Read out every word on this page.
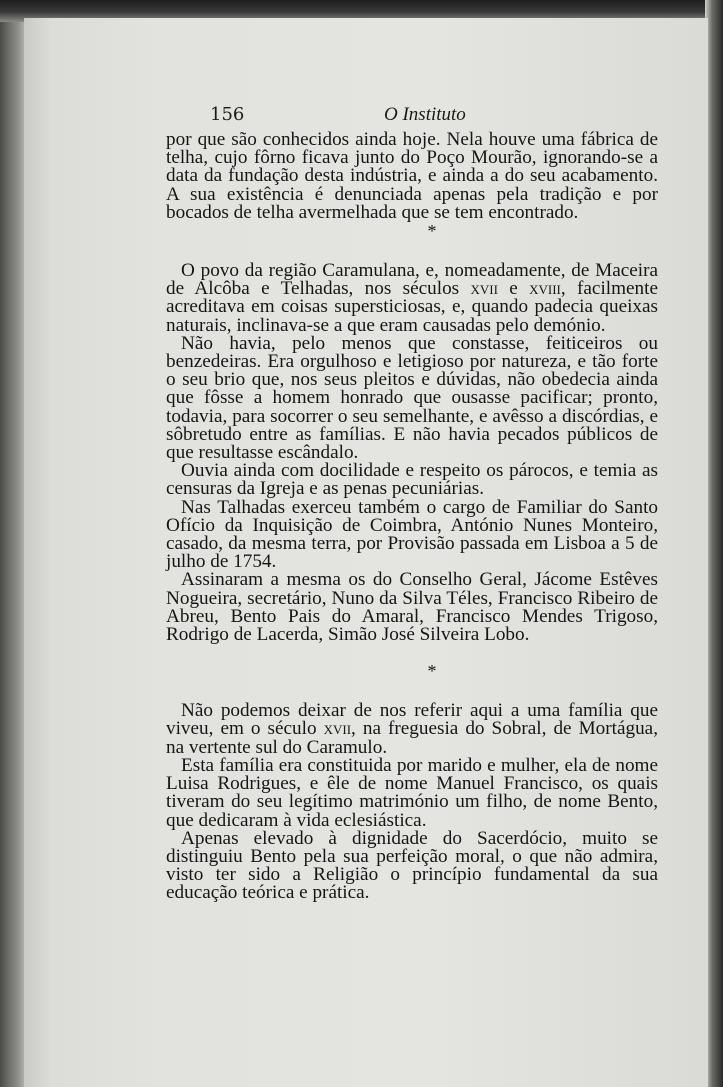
156	O Instituto

por que são conhecidos ainda hoje. Nela houve uma fábrica de telha, cujo fôrno ficava junto do Poço Mourão, ignorando-se a data da fundação desta indústria, e ainda a do seu acabamento. A sua existência é denunciada apenas pela tradição e por bocados de telha avermelhada que se tem encontrado.

*

O povo da região Caramulana, e, nomeadamente, de Maceira de Alcôba e Telhadas, nos séculos xvii e xviii, facilmente acreditava em coisas supersticiosas, e, quando padecia queixas naturais, inclinava-se a que eram causadas pelo demónio.

Não havia, pelo menos que constasse, feiticeiros ou benzedeiras. Era orgulhoso e letigioso por natureza, e tão forte o seu brio que, nos seus pleitos e dúvidas, não obedecia ainda que fôsse a homem honrado que ousasse pacificar; pronto, todavia, para socorrer o seu semelhante, e avêsso a discórdias, e sôbretudo entre as famílias. E não havia pecados públicos de que resultasse escândalo.

Ouvia ainda com docilidade e respeito os párocos, e temia as censuras da Igreja e as penas pecuniárias.

Nas Talhadas exerceu também o cargo de Familiar do Santo Ofício da Inquisição de Coimbra, António Nunes Monteiro, casado, da mesma terra, por Provisão passada em Lisboa a 5 de julho de 1754.

Assinaram a mesma os do Conselho Geral, Jácome Estêves Nogueira, secretário, Nuno da Silva Téles, Francisco Ribeiro de Abreu, Bento Pais do Amaral, Francisco Mendes Trigoso, Rodrigo de Lacerda, Simão José Silveira Lobo.

*

Não podemos deixar de nos referir aqui a uma família que viveu, em o século xvii, na freguesia do Sobral, de Mortágua, na vertente sul do Caramulo.

Esta família era constituida por marido e mulher, ela de nome Luisa Rodrigues, e êle de nome Manuel Francisco, os quais tiveram do seu legítimo matrimónio um filho, de nome Bento, que dedicaram à vida eclesiástica.

Apenas elevado à dignidade do Sacerdócio, muito se distinguiu Bento pela sua perfeição moral, o que não admira, visto ter sido a Religião o princípio fundamental da sua educação teórica e prática.
